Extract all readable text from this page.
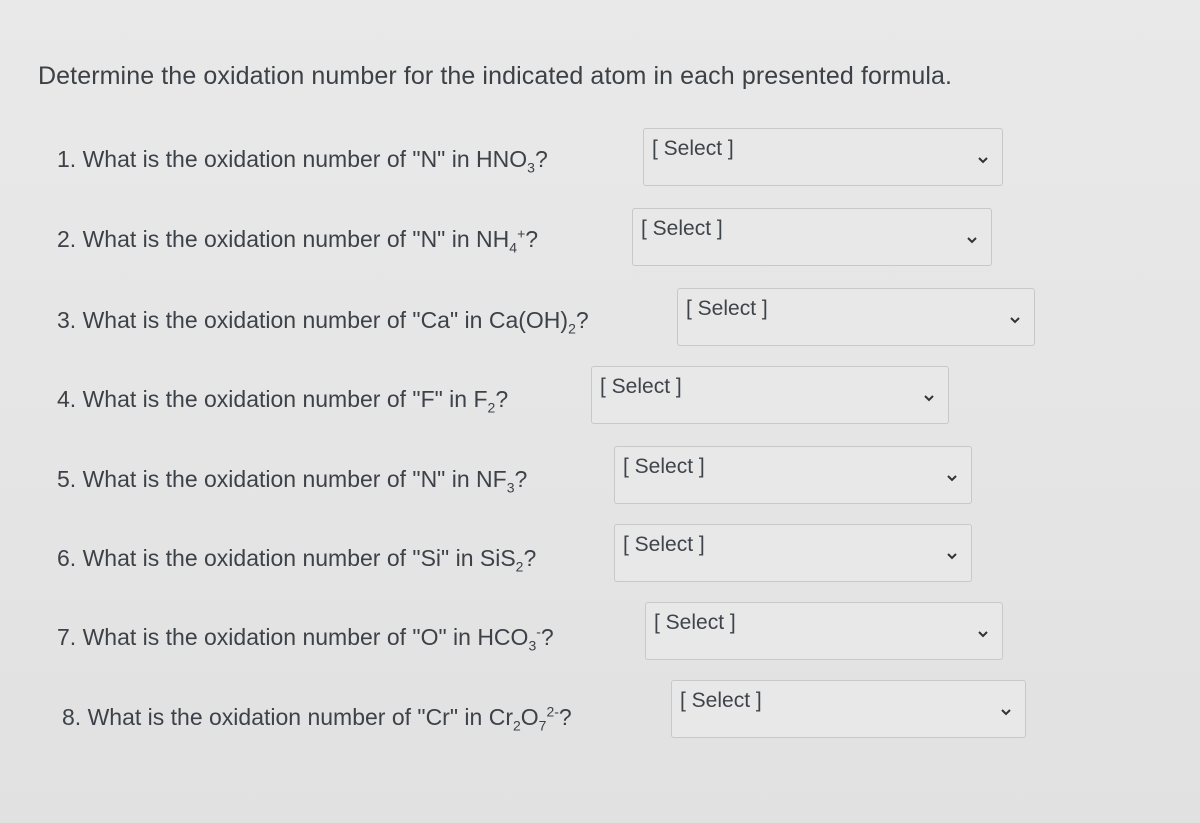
Determine the oxidation number for the indicated atom in each presented formula.
1. What is the oxidation number of "N" in $HNO_3$?	[ Select ]
2. What is the oxidation number of "N" in $NH_4^+$?	[ Select ]
3. What is the oxidation number of "Ca" in $Ca(OH)_2$?	[ Select ]
4. What is the oxidation number of "F" in $F_2$?	[ Select ]
5. What is the oxidation number of "N" in $NF_3$?	[ Select ]
6. What is the oxidation number of "Si" in SiS$_2$?
[ Select ]
7. What is the oxidation number of "O" in $HCO_3^-$?
[ Select ]
8. What is the oxidation number of "Cr" in $Cr_2O_7^{2-}$?
[ Select ]
